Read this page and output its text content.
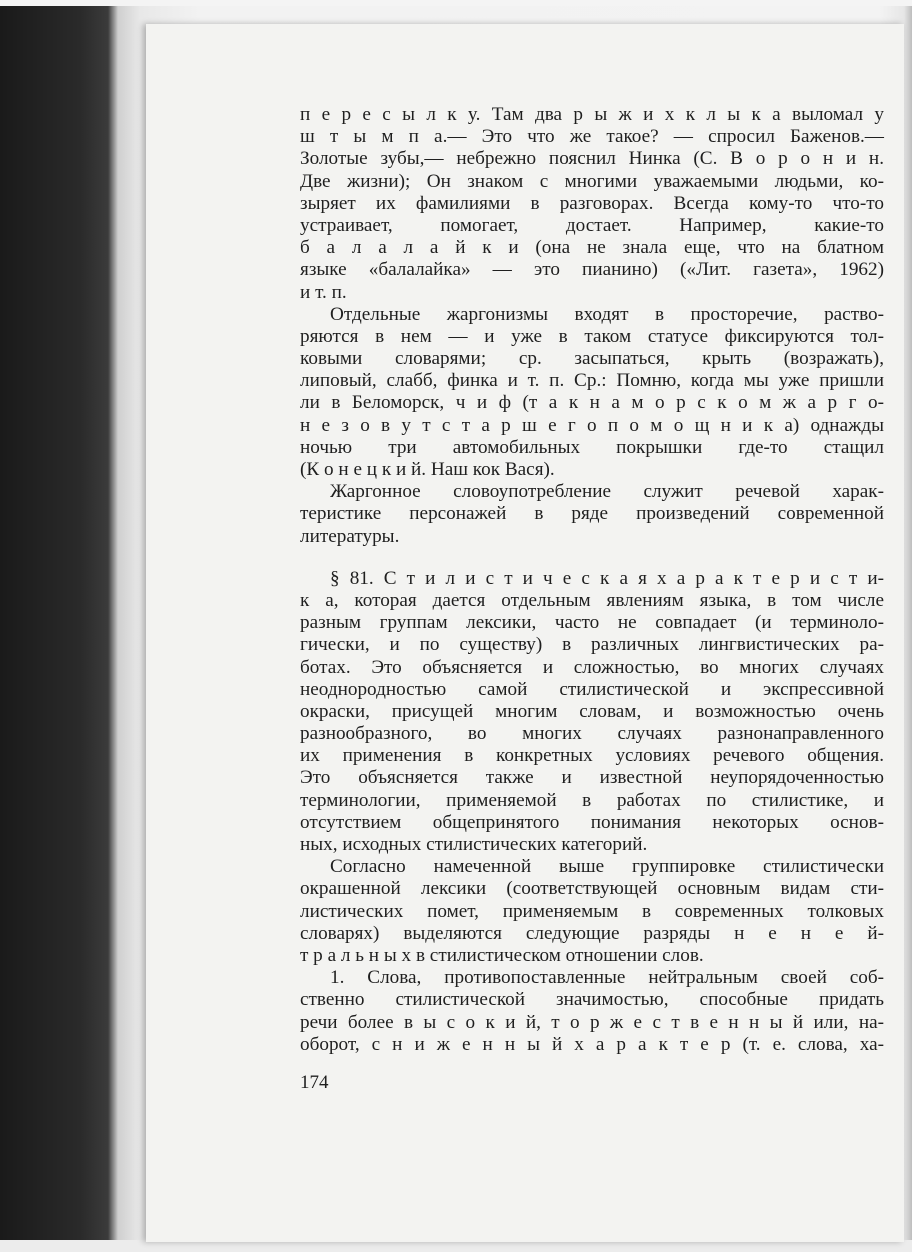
п е р е с ы л к у. Там два р ы ж и х к л ы к а выломал у
ш т ы м п а.— Это что же такое? — спросил Баженов.—
Золотые зубы,— небрежно пояснил Нинка (С. В о р о н и н.
Две жизни); Он знаком с многими уважаемыми людьми, ко-
зыряет их фамилиями в разговорах. Всегда кому-то что-то
устраивает, помогает, достает. Например, какие-то
б а л а л а й к и (она не знала еще, что на блатном
языке «балалайка» — это пианино) («Лит. газета», 1962)
и т. п.
Отдельные жаргонизмы входят в просторечие, раство-
ряются в нем — и уже в таком статусе фиксируются тол-
ковыми словарями; ср. засыпаться, крыть (возражать),
липовый, слабб, финка и т. п. Ср.: Помню, когда мы уже пришли
ли в Беломорск, ч и ф (т а к н а м о р с к о м ж а р г о-
н е з о в у т с т а р ш е г о п о м о щ н и к а) однажды
ночью три автомобильных покрышки где-то стащил
(К о н е ц к и й. Наш кок Вася).
Жаргонное словоупотребление служит речевой харак-
теристике персонажей в ряде произведений современной
литературы.
§ 81. С т и л и с т и ч е с к а я х а р а к т е р и с т и-
к а, которая дается отдельным явлениям языка, в том числе
разным группам лексики, часто не совпадает (и терминоло-
гически, и по существу) в различных лингвистических ра-
ботах. Это объясняется и сложностью, во многих случаях
неоднородностью самой стилистической и экспрессивной
окраски, присущей многим словам, и возможностью очень
разнообразного, во многих случаях разнонаправленного
их применения в конкретных условиях речевого общения.
Это объясняется также и известной неупорядоченностью
терминологии, применяемой в работах по стилистике, и
отсутствием общепринятого понимания некоторых основ-
ных, исходных стилистических категорий.
Согласно намеченной выше группировке стилистически
окрашенной лексики (соответствующей основным видам сти-
листических помет, применяемым в современных толковых
словарях) выделяются следующие разряды н е н е й-
т р а л ь н ы х в стилистическом отношении слов.
1. Слова, противопоставленные нейтральным своей соб-
ственно стилистической значимостью, способные придать
речи более в ы с о к и й, т о р ж е с т в е н н ы й или, на-
оборот, с н и ж е н н ы й х а р а к т е р (т. е. слова, ха-
174
